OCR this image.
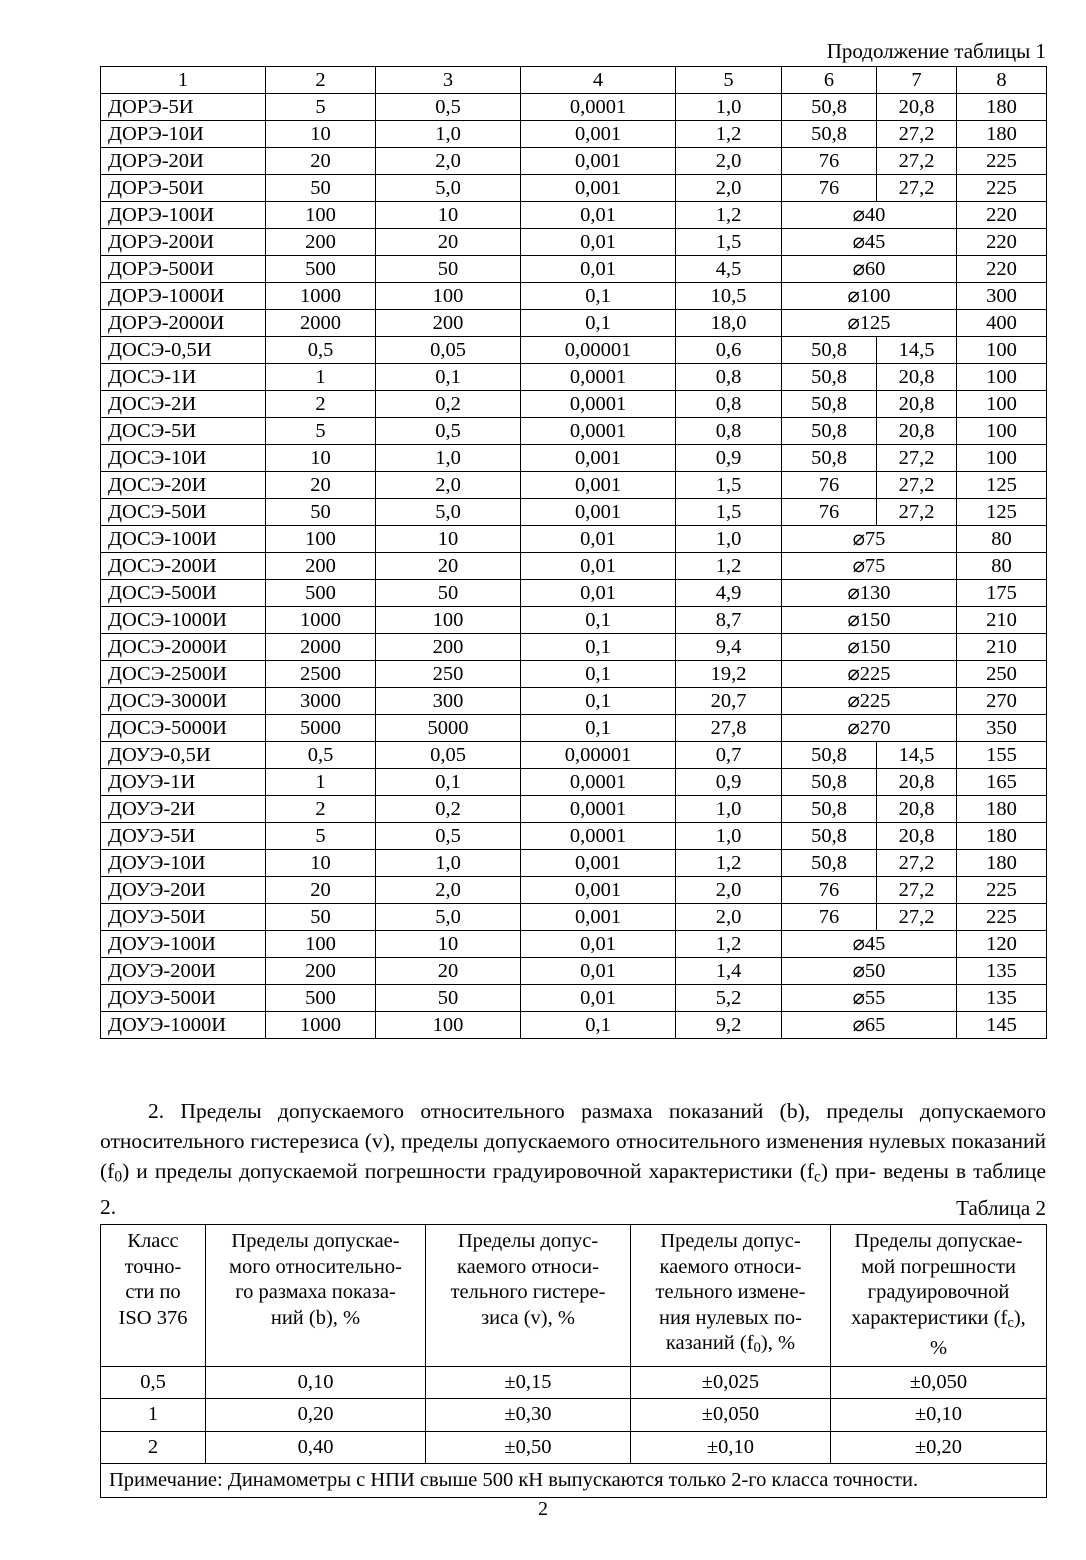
Продолжение таблицы 1
1	2	3	4	5	6	7	8
ДОРЭ-5И	5	0,5	0,0001	1,0	50,8	20,8	180
ДОРЭ-10И	10	1,0	0,001	1,2	50,8	27,2	180
ДОРЭ-20И	20	2,0	0,001	2,0	76	27,2	225
ДОРЭ-50И	50	5,0	0,001	2,0	76	27,2	225
ДОРЭ-100И	100	10	0,01	1,2	⌀40		220
ДОРЭ-200И	200	20	0,01	1,5	⌀45		220
ДОРЭ-500И	500	50	0,01	4,5	⌀60		220
ДОРЭ-1000И	1000	100	0,1	10,5	⌀100		300
ДОРЭ-2000И	2000	200	0,1	18,0	⌀125		400
ДОСЭ-0,5И	0,5	0,05	0,00001	0,6	50,8	14,5	100
ДОСЭ-1И	1	0,1	0,0001	0,8	50,8	20,8	100
ДОСЭ-2И	2	0,2	0,0001	0,8	50,8	20,8	100
ДОСЭ-5И	5	0,5	0,0001	0,8	50,8	20,8	100
ДОСЭ-10И	10	1,0	0,001	0,9	50,8	27,2	100
ДОСЭ-20И	20	2,0	0,001	1,5	76	27,2	125
ДОСЭ-50И	50	5,0	0,001	1,5	76	27,2	125
ДОСЭ-100И	100	10	0,01	1,0	⌀75		80
ДОСЭ-200И	200	20	0,01	1,2	⌀75		80
ДОСЭ-500И	500	50	0,01	4,9	⌀130		175
ДОСЭ-1000И	1000	100	0,1	8,7	⌀150		210
ДОСЭ-2000И	2000	200	0,1	9,4	⌀150		210
ДОСЭ-2500И	2500	250	0,1	19,2	⌀225		250
ДОСЭ-3000И	3000	300	0,1	20,7	⌀225		270
ДОСЭ-5000И	5000	5000	0,1	27,8	⌀270		350
ДОУЭ-0,5И	0,5	0,05	0,00001	0,7	50,8	14,5	155
ДОУЭ-1И	1	0,1	0,0001	0,9	50,8	20,8	165
ДОУЭ-2И	2	0,2	0,0001	1,0	50,8	20,8	180
ДОУЭ-5И	5	0,5	0,0001	1,0	50,8	20,8	180
ДОУЭ-10И	10	1,0	0,001	1,2	50,8	27,2	180
ДОУЭ-20И	20	2,0	0,001	2,0	76	27,2	225
ДОУЭ-50И	50	5,0	0,001	2,0	76	27,2	225
ДОУЭ-100И	100	10	0,01	1,2	⌀45		120
ДОУЭ-200И	200	20	0,01	1,4	⌀50		135
ДОУЭ-500И	500	50	0,01	5,2	⌀55		135
ДОУЭ-1000И	1000	100	0,1	9,2	⌀65		145
2. Пределы допускаемого относительного размаха показаний (b), пределы допускаемого относительного гистерезиса (v), пределы допускаемого относительного изменения нулевых показаний $(f_0)$ и пределы допускаемой погрешности градуировочной характеристики $(f_c)$ при- ведены в таблице 2.	Таблица 2
Класс
точно-
сти по
ISO 376	Пределы допускае-
мого относительно-
го размаха показа-
ний (b), %	Пределы допус-
каемого относи-
тельного гистере-
зиса (v), %	Пределы допус-
каемого относи-
тельного измене-
ния нулевых по-
казаний $(f_0)$, %	Пределы допускае-
мой погрешности
градуировочной
характеристики $(f_c)$,
%

0,5	0,10	±0,15	±0,025	±0,050
1	0,20	±0,30	±0,050	±0,10
2	0,40	±0,50	±0,10	±0,20
Примечание: Динамометры с НПИ свыше 500 кН выпускаются только 2-го класса точности.				
2
